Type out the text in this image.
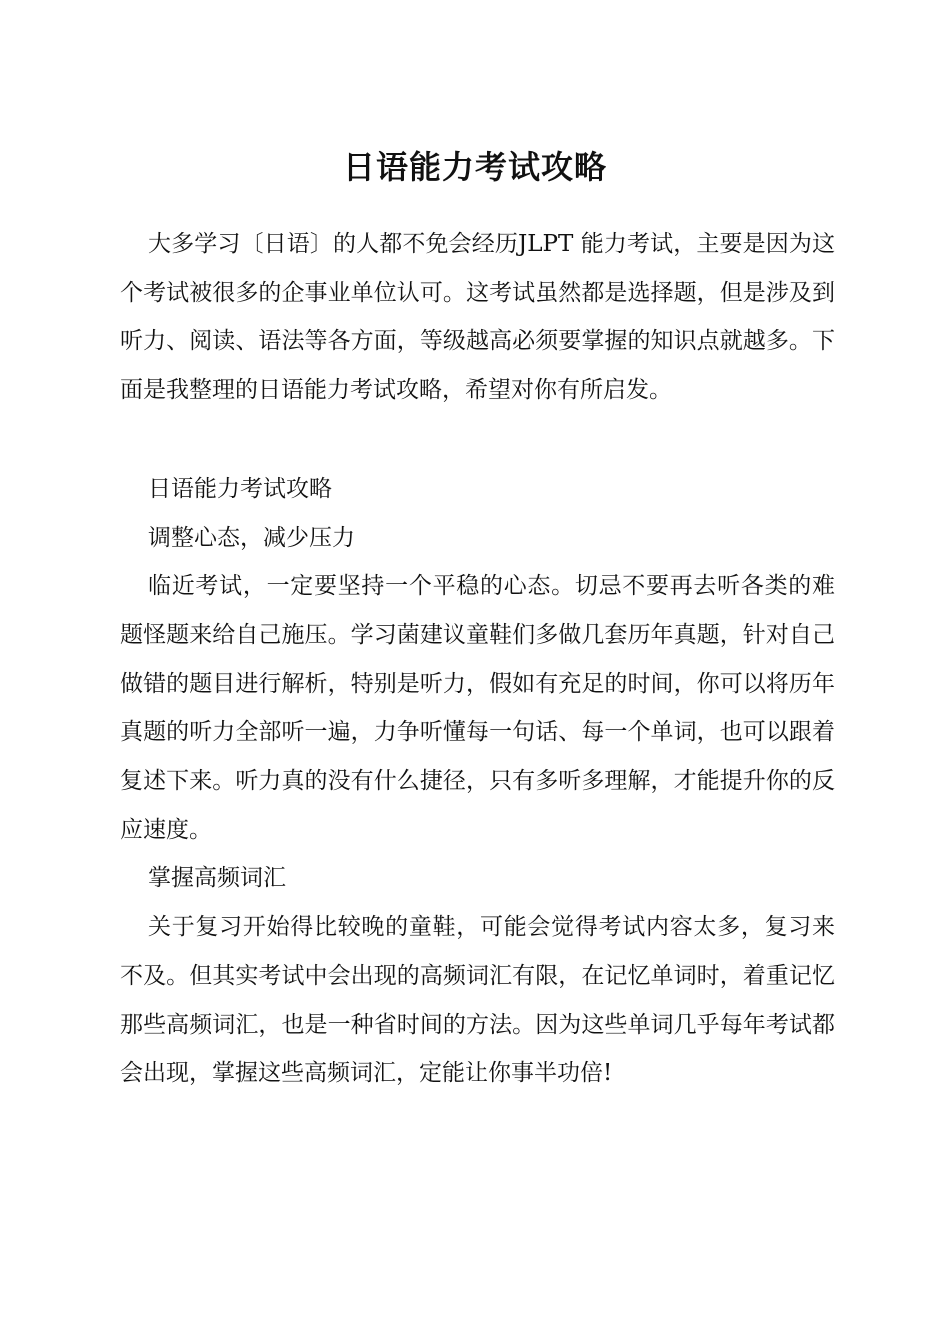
日语能力考试攻略

大多学习〔日语〕的人都不免会经历JLPT 能力考试，主要是因为这个考试被很多的企事业单位认可。这考试虽然都是选择题，但是涉及到听力、阅读、语法等各方面，等级越高必须要掌握的知识点就越多。下面是我整理的日语能力考试攻略，希望对你有所启发。

日语能力考试攻略

调整心态，减少压力

临近考试，一定要坚持一个平稳的心态。切忌不要再去听各类的难题怪题来给自己施压。学习菌建议童鞋们多做几套历年真题，针对自己做错的题目进行解析，特别是听力，假如有充足的时间，你可以将历年真题的听力全部听一遍，力争听懂每一句话、每一个单词，也可以跟着复述下来。听力真的没有什么捷径，只有多听多理解，才能提升你的反应速度。

掌握高频词汇

关于复习开始得比较晚的童鞋，可能会觉得考试内容太多，复习来不及。但其实考试中会出现的高频词汇有限，在记忆单词时，着重记忆那些高频词汇，也是一种省时间的方法。因为这些单词几乎每年考试都会出现，掌握这些高频词汇，定能让你事半功倍!
